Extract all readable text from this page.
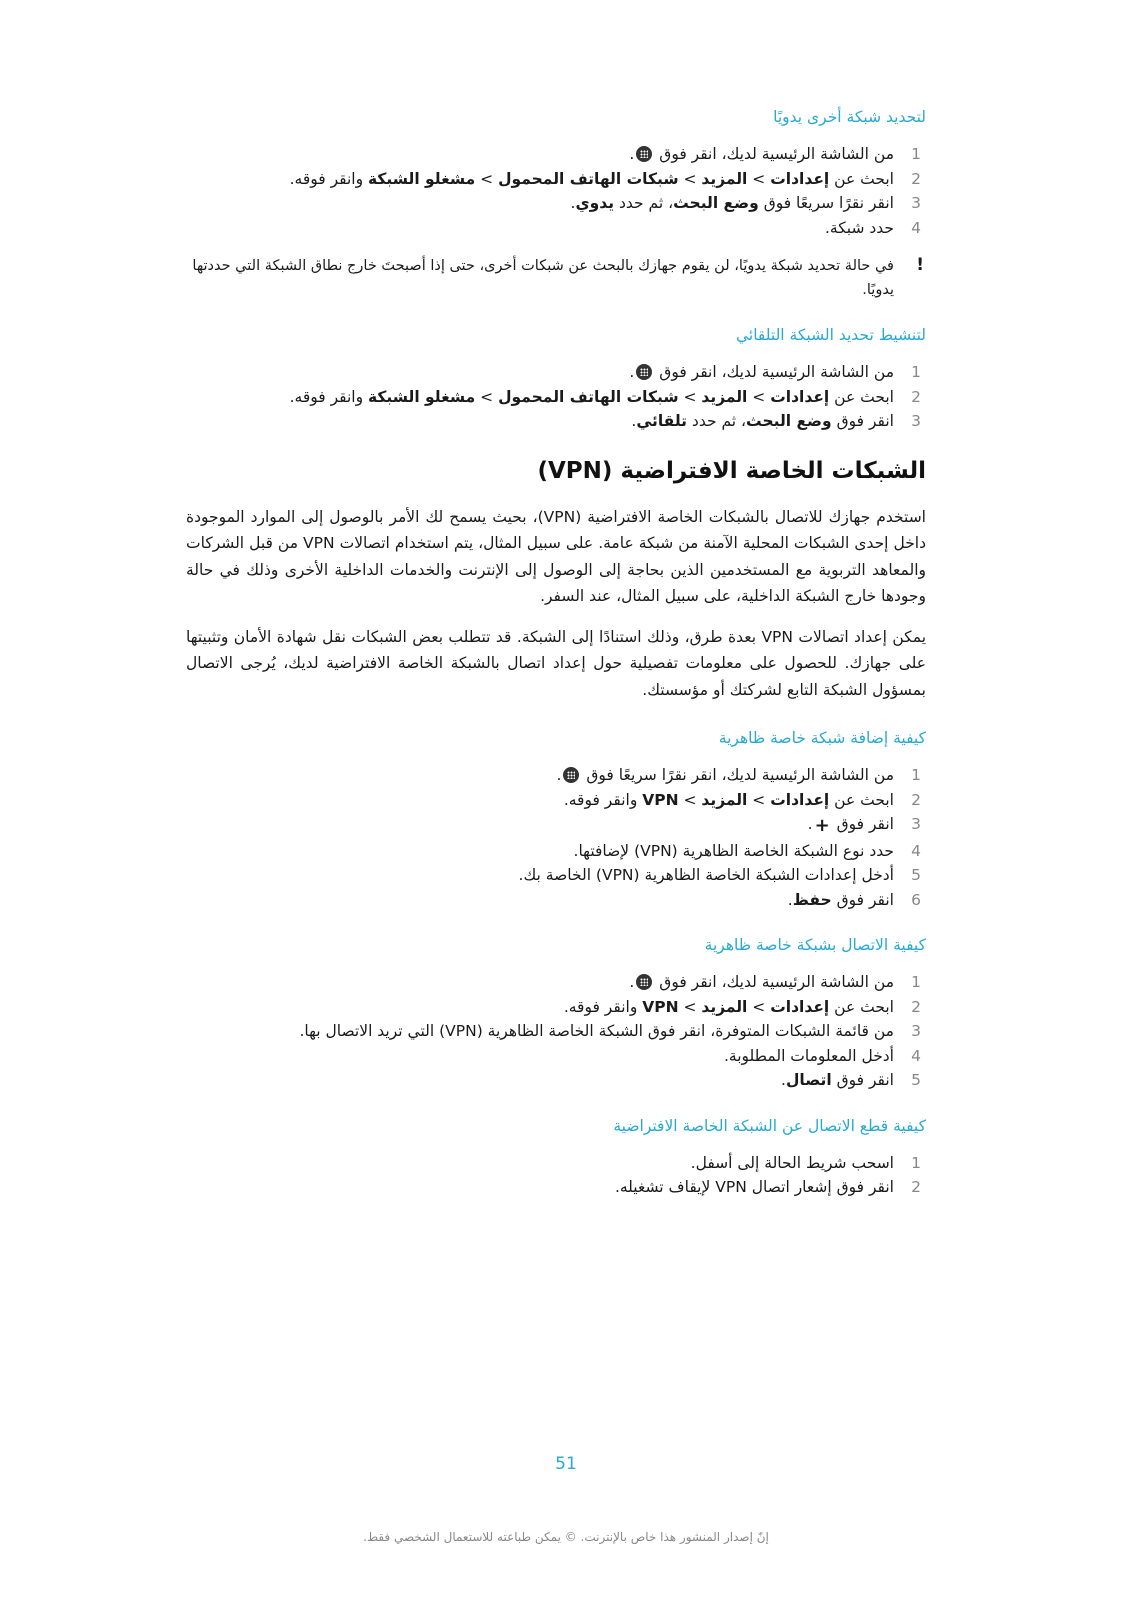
لتحديد شبكة أخرى يدويًا
1
من الشاشة الرئيسية لديك، انقر فوق .
2
ابحث عن إعدادات > المزيد > شبكات الهاتف المحمول > مشغلو الشبكة وانقر فوقه.
3
انقر نقرًا سريعًا فوق وضع البحث، ثم حدد يدوي.
4
حدد شبكة.
!
في حالة تحديد شبكة يدويًا، لن يقوم جهازك بالبحث عن شبكات أخرى، حتى إذا أصبحتَ خارج نطاق الشبكة التي حددتها يدويًا.
لتنشيط تحديد الشبكة التلقائي
1
من الشاشة الرئيسية لديك، انقر فوق .
2
ابحث عن إعدادات > المزيد > شبكات الهاتف المحمول > مشغلو الشبكة وانقر فوقه.
3
انقر فوق وضع البحث، ثم حدد تلقائي.
الشبكات الخاصة الافتراضية (VPN)

استخدم جهازك للاتصال بالشبكات الخاصة الافتراضية (VPN)، بحيث يسمح لك الأمر بالوصول إلى الموارد الموجودة داخل إحدى الشبكات المحلية الآمنة من شبكة عامة. على سبيل المثال، يتم استخدام اتصالات VPN من قبل الشركات والمعاهد التربوية مع المستخدمين الذين بحاجة إلى الوصول إلى الإنترنت والخدمات الداخلية الأخرى وذلك في حالة وجودها خارج الشبكة الداخلية، على سبيل المثال، عند السفر.

يمكن إعداد اتصالات VPN بعدة طرق، وذلك استنادًا إلى الشبكة. قد تتطلب بعض الشبكات نقل شهادة الأمان وتثبيتها على جهازك. للحصول على معلومات تفصيلية حول إعداد اتصال بالشبكة الخاصة الافتراضية لديك، يُرجى الاتصال بمسؤول الشبكة التابع لشركتك أو مؤسستك.

كيفية إضافة شبكة خاصة ظاهرية
1
من الشاشة الرئيسية لديك، انقر نقرًا سريعًا فوق .
2
ابحث عن إعدادات > المزيد > VPN وانقر فوقه.
3
انقر فوق +.
4
حدد نوع الشبكة الخاصة الظاهرية (VPN) لإضافتها.
5
أدخل إعدادات الشبكة الخاصة الظاهرية (VPN) الخاصة بك.
6
انقر فوق حفظ.
كيفية الاتصال بشبكة خاصة ظاهرية
1
من الشاشة الرئيسية لديك، انقر فوق .
2
ابحث عن إعدادات > المزيد > VPN وانقر فوقه.
3
من قائمة الشبكات المتوفرة، انقر فوق الشبكة الخاصة الظاهرية (VPN) التي تريد الاتصال بها.
4
أدخل المعلومات المطلوبة.
5
انقر فوق اتصال.
كيفية قطع الاتصال عن الشبكة الخاصة الافتراضية
1
اسحب شريط الحالة إلى أسفل.
2
انقر فوق إشعار اتصال VPN لإيقاف تشغيله.
51
إنّ إصدار المنشور هذا خاص بالإنترنت. © يمكن طباعته للاستعمال الشخصي فقط.
